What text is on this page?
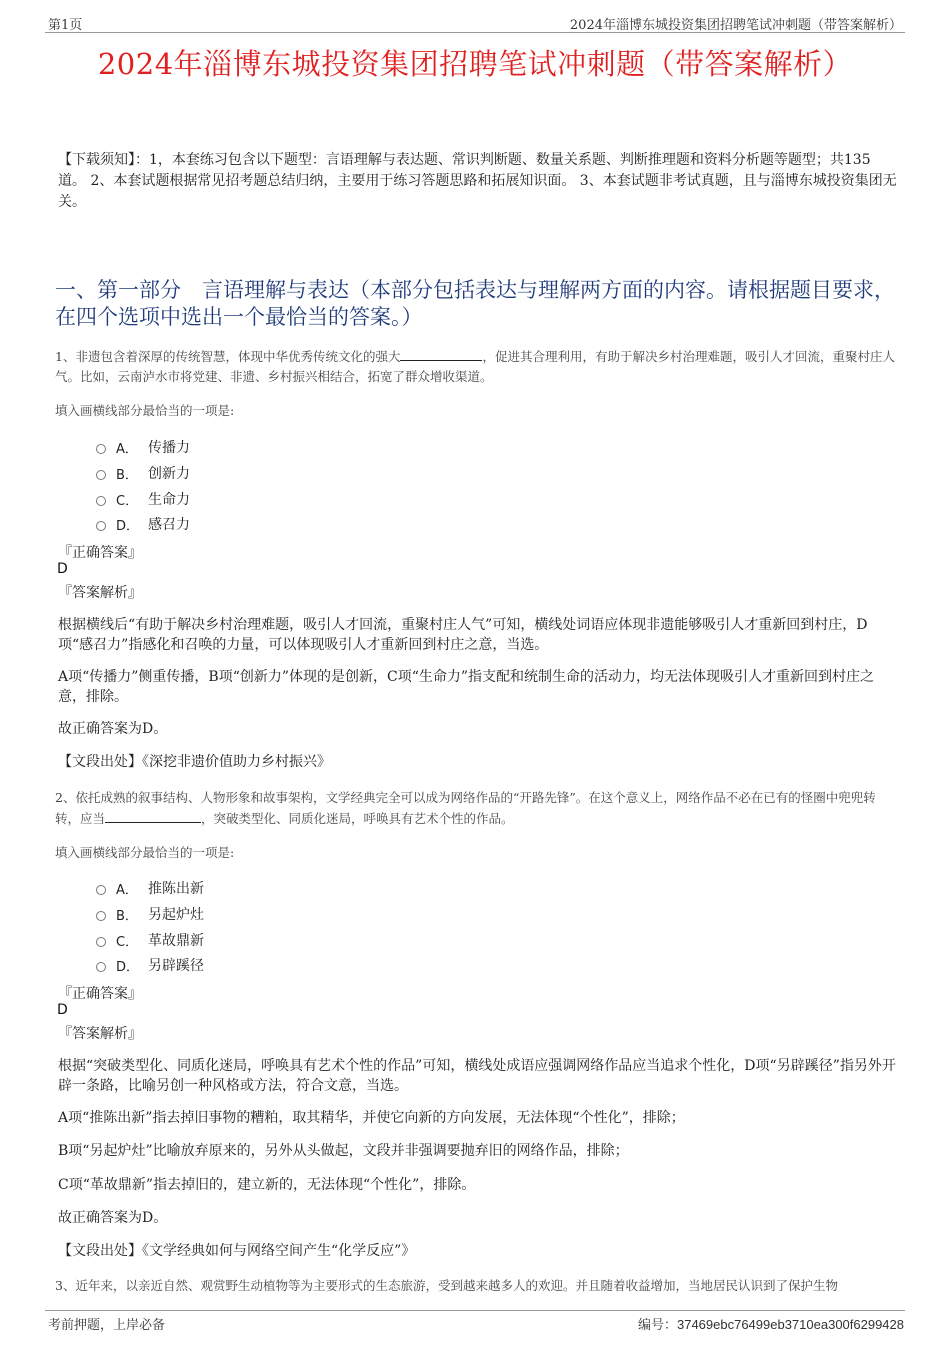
第1页	2024年淄博东城投资集团招聘笔试冲刺题（带答案解析）
2024年淄博东城投资集团招聘笔试冲刺题（带答案解析）
【下载须知】：1，本套练习包含以下题型：言语理解与表达题、常识判断题、数量关系题、判断推理题和资料分析题等题型；共135道。 2、本套试题根据常见招考题总结归纳，主要用于练习答题思路和拓展知识面。 3、本套试题非考试真题，且与淄博东城投资集团无关。
一、第一部分　言语理解与表达（本部分包括表达与理解两方面的内容。请根据题目要求，在四个选项中选出一个最恰当的答案。）
1、非遗包含着深厚的传统智慧，体现中华优秀传统文化的强大	，促进其合理利用，有助于解决乡村治理难题，吸引人才回流，重聚村庄人气。比如，云南泸水市将党建、非遗、乡村振兴相结合，拓宽了群众增收渠道。
填入画横线部分最恰当的一项是:
A． 传播力
B． 创新力
C． 生命力
D． 感召力
『正确答案』
D
『答案解析』
根据横线后“有助于解决乡村治理难题，吸引人才回流，重聚村庄人气”可知，横线处词语应体现非遗能够吸引人才重新回到村庄，D项“感召力”指感化和召唤的力量，可以体现吸引人才重新回到村庄之意，当选。
A项“传播力”侧重传播，B项“创新力”体现的是创新，C项“生命力”指支配和统制生命的活动力，均无法体现吸引人才重新回到村庄之意，排除。
故正确答案为D。
【文段出处】《深挖非遗价值助力乡村振兴》
2、依托成熟的叙事结构、人物形象和故事架构，文学经典完全可以成为网络作品的“开路先锋”。在这个意义上，网络作品不必在已有的怪圈中兜兜转转，应当	，突破类型化、同质化迷局，呼唤具有艺术个性的作品。
填入画横线部分最恰当的一项是:
A． 推陈出新
B． 另起炉灶
C． 革故鼎新
D． 另辟蹊径
『正确答案』
D
『答案解析』
根据“突破类型化、同质化迷局，呼唤具有艺术个性的作品”可知，横线处成语应强调网络作品应当追求个性化，D项“另辟蹊径”指另外开辟一条路，比喻另创一种风格或方法，符合文意，当选。
A项“推陈出新”指去掉旧事物的糟粕，取其精华，并使它向新的方向发展，无法体现“个性化”，排除；
B项“另起炉灶”比喻放弃原来的，另外从头做起，文段并非强调要抛弃旧的网络作品，排除；
C项“革故鼎新”指去掉旧的，建立新的，无法体现“个性化”，排除。
故正确答案为D。
【文段出处】《文学经典如何与网络空间产生“化学反应”》
3、近年来，以亲近自然、观赏野生动植物等为主要形式的生态旅游，受到越来越多人的欢迎。并且随着收益增加，当地居民认识到了保护生物
考前押题，上岸必备	编号：37469ebc76499eb3710ea300f6299428
